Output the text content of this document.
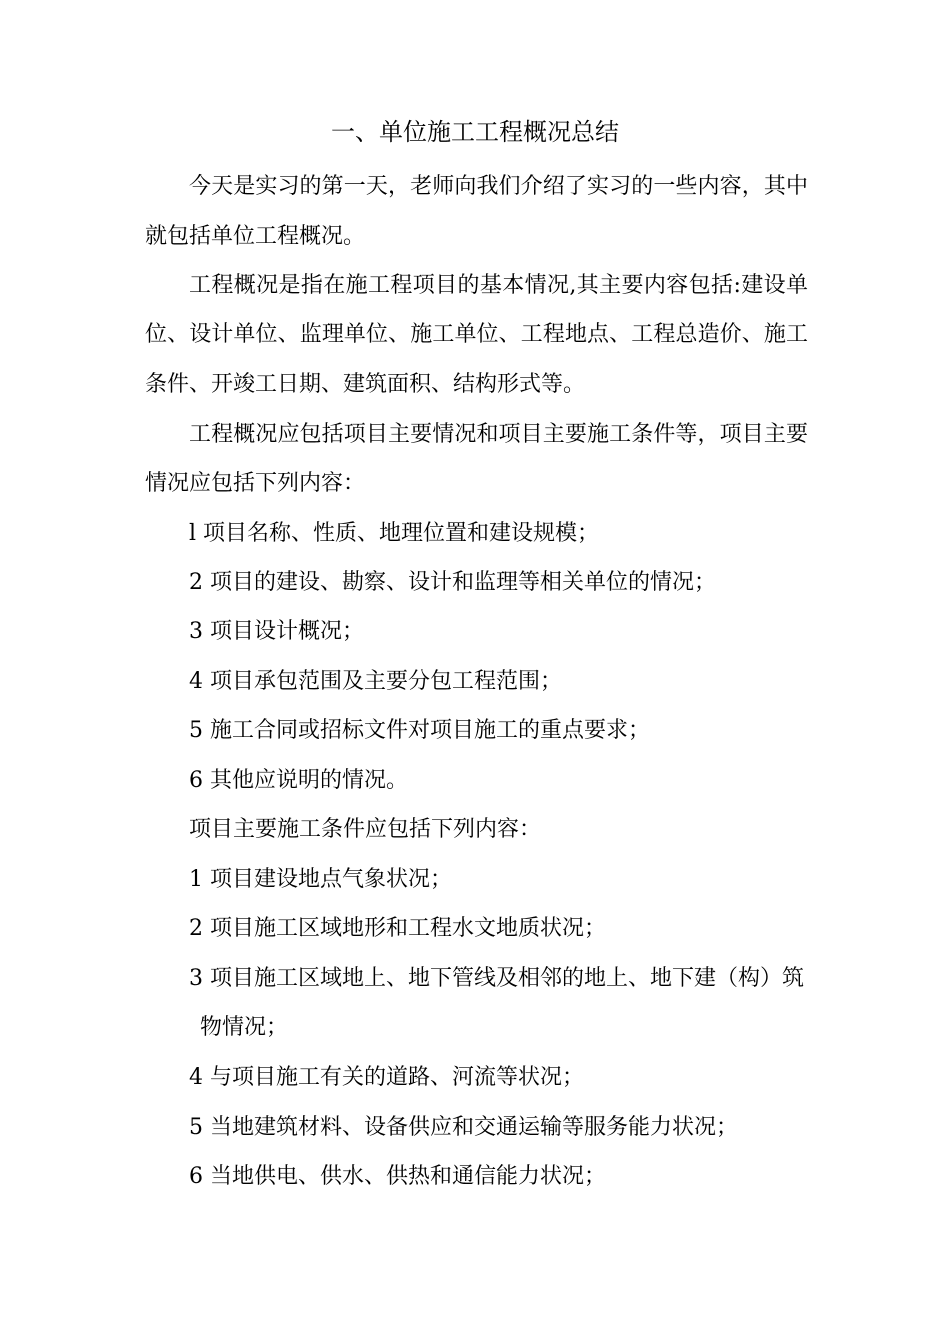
一、单位施工工程概况总结
今天是实习的第一天，老师向我们介绍了实习的一些内容，其中
就包括单位工程概况。
工程概况是指在施工程项目的基本情况,其主要内容包括:建设单
位、设计单位、监理单位、施工单位、工程地点、工程总造价、施工
条件、开竣工日期、建筑面积、结构形式等。
工程概况应包括项目主要情况和项目主要施工条件等，项目主要
情况应包括下列内容：
l 项目名称、性质、地理位置和建设规模；
2 项目的建设、勘察、设计和监理等相关单位的情况；
3 项目设计概况；
4 项目承包范围及主要分包工程范围；
5 施工合同或招标文件对项目施工的重点要求；
6 其他应说明的情况。
项目主要施工条件应包括下列内容：
1 项目建设地点气象状况；
2 项目施工区域地形和工程水文地质状况；
3 项目施工区域地上、地下管线及相邻的地上、地下建（构）筑
物情况；
4 与项目施工有关的道路、河流等状况；
5 当地建筑材料、设备供应和交通运输等服务能力状况；
6 当地供电、供水、供热和通信能力状况；
